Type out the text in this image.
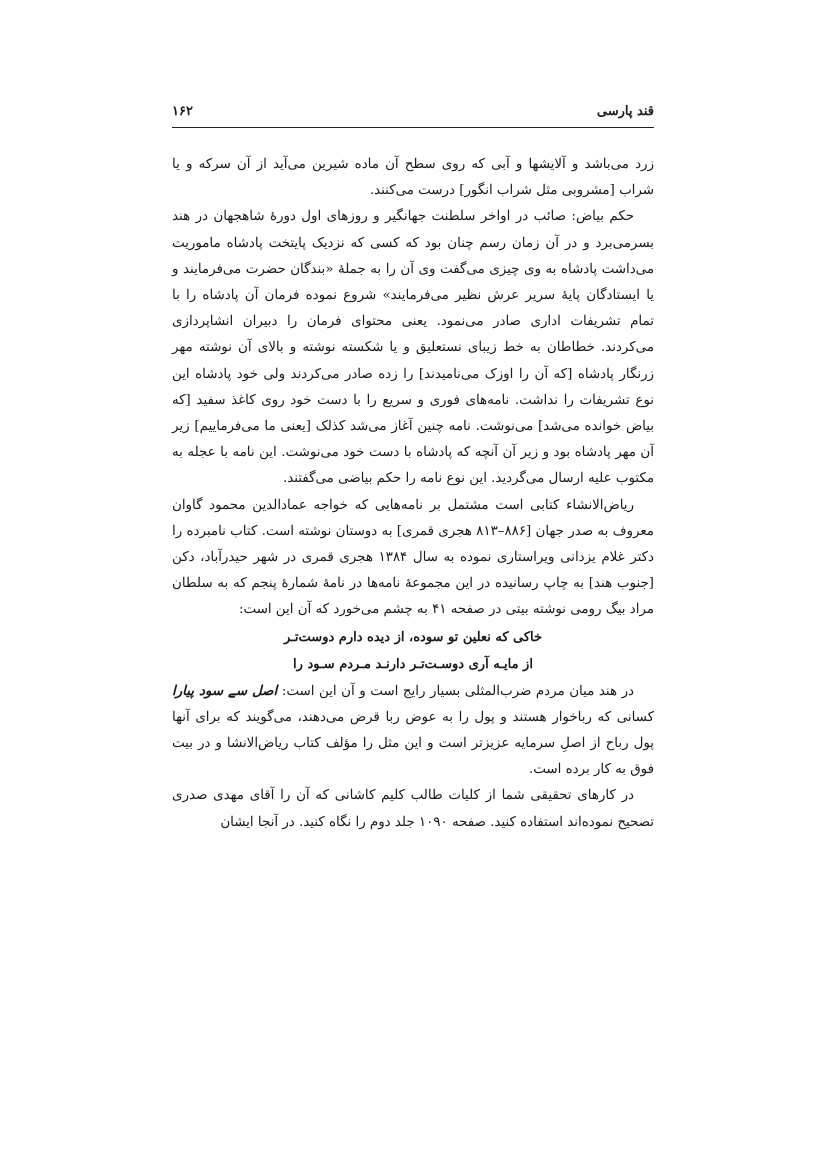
قند پارسی
۱۶۲

زرد می‌باشد و آلایشها و آبی که روی سطح آن ماده شیرین می‌آید از آن سرکه و یا شراب [مشروبی مثل شراب انگور] درست می‌کنند.

حکم بیاض: صائب در اواخر سلطنت جهانگیر و روزهای اول دورهٔ شاهجهان در هند بسرمی‌برد و در آن زمان رسم چنان بود که کسی که نزدیک پایتخت پادشاه ماموریت می‌داشت پادشاه به وی چیزی می‌گفت وی آن را به جملهٔ «بندگان حضرت می‌فرمایند و یا ایستادگان پایهٔ سریر عرش نظیر می‌فرمایند» شروع نموده فرمان آن پادشاه را با تمام تشریفات اداری صادر می‌نمود. یعنی محتوای فرمان را دبیران انشاپردازی می‌کردند. خطاطان به خط زیبای نستعلیق و یا شکسته نوشته و بالای آن نوشته مهر زرنگار پادشاه [که آن را اوزک می‌نامیدند] را زده صادر می‌کردند ولی خود پادشاه این نوع تشریفات را نداشت. نامه‌های فوری و سریع را با دست خود روی کاغذ سفید [که بیاض خوانده می‌شد] می‌نوشت. نامه چنین آغاز می‌شد کذلک [یعنی ما می‌فرماییم] زیر آن مهر پادشاه بود و زیر آن آنچه که پادشاه با دست خود می‌نوشت. این نامه با عجله به مکتوب علیه ارسال می‌گردید. این نوع نامه را حکم بیاضی می‌گفتند.

ریاض‌الانشاء کتابی است مشتمل بر نامه‌هایی که خواجه عمادالدین محمود گاوان معروف به صدر جهان [۸۸۶–۸۱۳ هجری قمری] به دوستان نوشته است. کتاب نامبرده را دکتر غلام یزدانی ویراستاری نموده به سال ۱۳۸۴ هجری قمری در شهر حیدرآباد، دکن [جنوب هند] به چاپ رسانیده در این مجموعهٔ نامه‌ها در نامهٔ شمارهٔ پنجم که به سلطان مراد بیگ رومی نوشته بیتی در صفحه ۴۱ به چشم می‌خورد که آن این است:

خاکی که نعلین تو سوده، از دیده دارم دوست‌تـر
از مایـه آری دوسـت‌تـر دارنـد مـردم سـود را

در هند میان مردم ضرب‌المثلی بسیار رایج است و آن این است: اصل سے سود پیارا کسانی که رباخوار هستند و پول را به عوض ربا قرض می‌دهند، می‌گویند که برای آنها پول رباح از اصلِ سرمایه عزیزتر است و این مثل را مؤلف کتاب ریاض‌الانشا و در بیت فوق به کار برده است.

در کارهای تحقیقی شما از کلیات طالب کلیم کاشانی که آن را آقای مهدی صدری تصحیح نموده‌اند استفاده کنید. صفحه ۱۰۹۰ جلد دوم را نگاه کنید. در آنجا ایشان
